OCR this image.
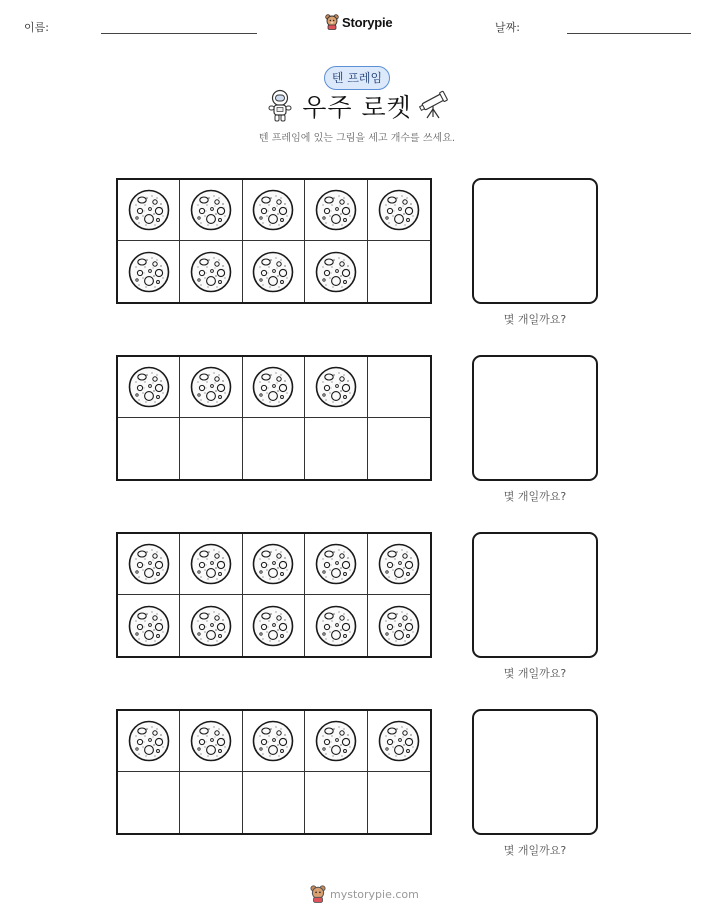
이름:	Storypie	날짜:
텐 프레임
우주 로켓
텐 프레임에 있는 그림을 세고 개수를 쓰세요.
몇 개일까요?
몇 개일까요?
몇 개일까요?
몇 개일까요?
mystorypie.com
